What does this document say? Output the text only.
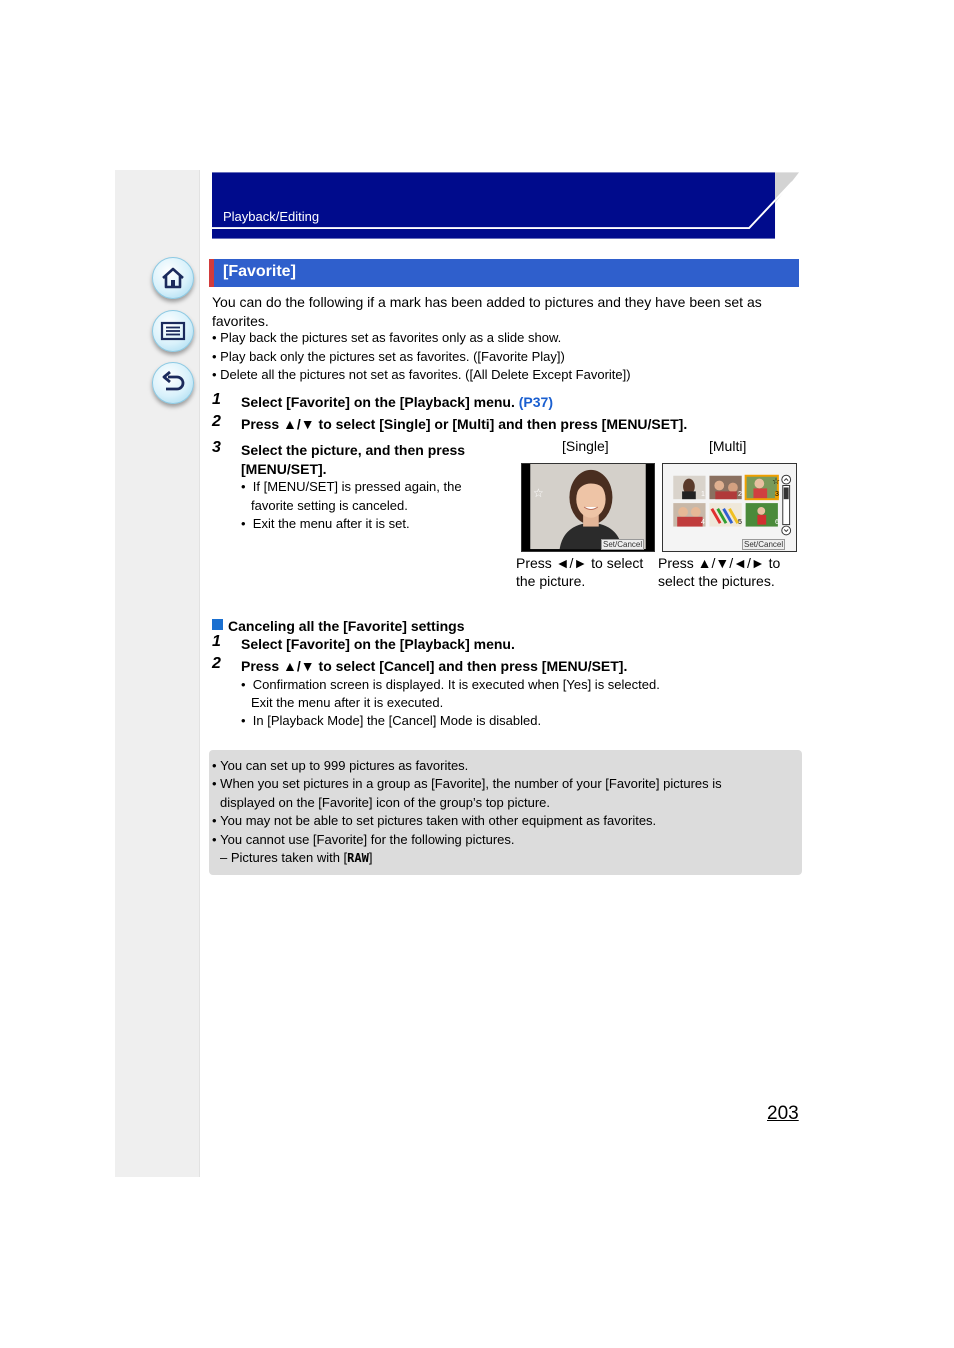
Playback/Editing
[Favorite]
You can do the following if a mark has been added to pictures and they have been set as favorites.
• Play back the pictures set as favorites only as a slide show.
• Play back only the pictures set as favorites. ([Favorite Play])
• Delete all the pictures not set as favorites. ([All Delete Except Favorite])
1 Select [Favorite] on the [Playback] menu. (P37)
2 Press ▲/▼ to select [Single] or [Multi] and then press [MENU/SET].
3 Select the picture, and then press
[MENU/SET].
•  If [MENU/SET] is pressed again, the
favorite setting is canceled.
•  Exit the menu after it is set.
[Single]	[Multi]
☆
Set/Cancel
1	2	3
4	5	6
☆
Set/Cancel
Press ◄/► to select
the picture.
Press ▲/▼/◄/► to
select the pictures.
Canceling all the [Favorite] settings
1 Select [Favorite] on the [Playback] menu.
2 Press ▲/▼ to select [Cancel] and then press [MENU/SET].
•  Confirmation screen is displayed. It is executed when [Yes] is selected.
Exit the menu after it is executed.
•  In [Playback Mode] the [Cancel] Mode is disabled.
• You can set up to 999 pictures as favorites.
• When you set pictures in a group as [Favorite], the number of your [Favorite] pictures is
displayed on the [Favorite] icon of the group’s top picture.
• You may not be able to set pictures taken with other equipment as favorites.
• You cannot use [Favorite] for the following pictures.
– Pictures taken with [RAW]
203
